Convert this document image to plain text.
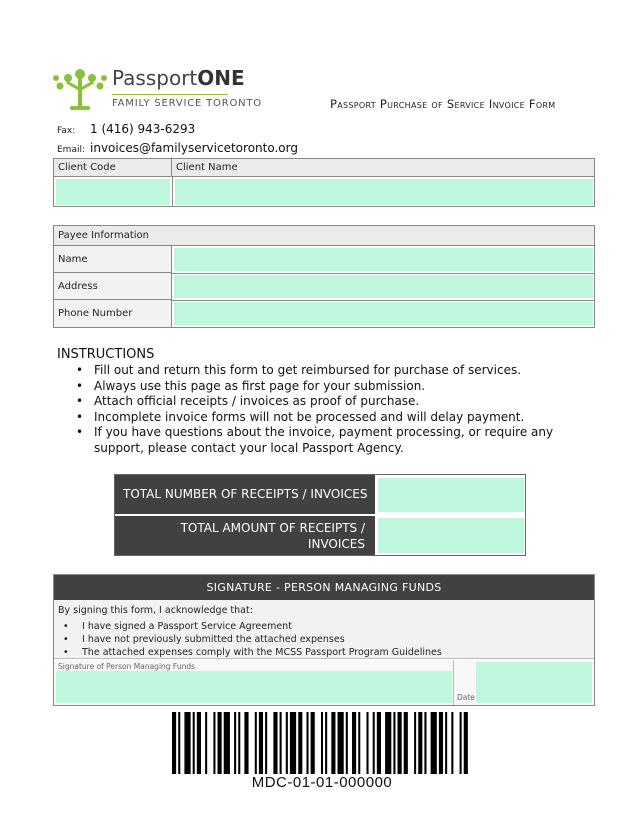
PassportONE
FAMILY SERVICE TORONTO	Passport Purchase of Service Invoice Form
Fax: 1 (416) 943-6293
Email: invoices@familyservicetoronto.org
Client Code	Client Name
Payee Information
Name
Address
Phone Number
INSTRUCTIONS
• Fill out and return this form to get reimbursed for purchase of services.
• Always use this page as first page for your submission.
• Attach official receipts / invoices as proof of purchase.
• Incomplete invoice forms will not be processed and will delay payment.
• If you have questions about the invoice, payment processing, or require any support, please contact your local Passport Agency.
TOTAL NUMBER OF RECEIPTS / INVOICES
TOTAL AMOUNT OF RECEIPTS /
INVOICES
SIGNATURE - PERSON MANAGING FUNDS
By signing this form, I acknowledge that:
• I have signed a Passport Service Agreement
• I have not previously submitted the attached expenses
• The attached expenses comply with the MCSS Passport Program Guidelines
Signature of Person Managing Funds
Date
MDC-01-01-000000
